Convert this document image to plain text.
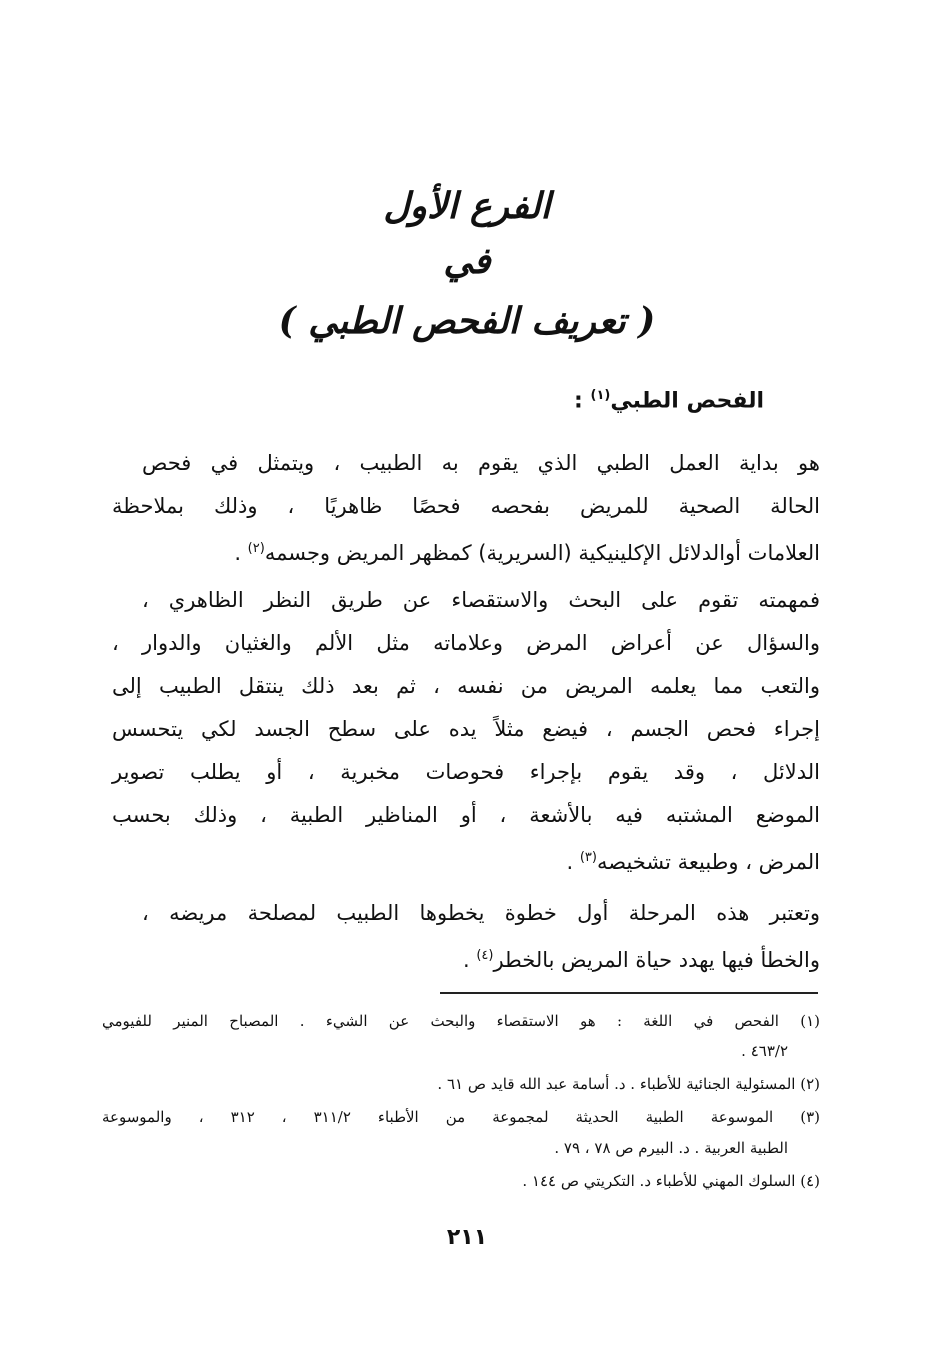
الفرع الأول
في
( تعريف الفحص الطبي )
الفحص الطبي$^{(١)}$ :
هو بداية العمل الطبي الذي يقوم به الطبيب ، ويتمثل في فحص
الحالة الصحية للمريض بفحصه فحصًا ظاهريًا ، وذلك بملاحظة
العلامات أوالدلائل الإكلينيكية (السريرية) كمظهر المريض وجسمه$^{(٢)}$ .
فمهمته تقوم على البحث والاستقصاء عن طريق النظر الظاهري ،
والسؤال عن أعراض المرض وعلاماته مثل الألم والغثيان والدوار ،
والتعب مما يعلمه المريض من نفسه ، ثم بعد ذلك ينتقل الطبيب إلى
إجراء فحص الجسم ، فيضع مثلاً يده على سطح الجسد لكي يتحسس
الدلائل ، وقد يقوم بإجراء فحوصات مخبرية ، أو يطلب تصوير
الموضع المشتبه فيه بالأشعة ، أو المناظير الطبية ، وذلك بحسب
المرض ، وطبيعة تشخيصه$^{(٣)}$ .
وتعتبر هذه المرحلة أول خطوة يخطوها الطبيب لمصلحة مريضه ،
والخطأ فيها يهدد حياة المريض بالخطر$^{(٤)}$ .
(١) الفحص في اللغة : هو الاستقصاء والبحث عن الشيء . المصباح المنير للفيومي
٤٦٣/٢ .
(٢) المسئولية الجنائية للأطباء . د. أسامة عبد الله قايد ص ٦١ .
(٣) الموسوعة الطبية الحديثة لمجموعة من الأطباء ٣١١/٢ ، ٣١٢ ، والموسوعة
الطبية العربية . د. البيرم ص ٧٨ ، ٧٩ .
(٤) السلوك المهني للأطباء د. التكريتي ص ١٤٤ .
٢١١
